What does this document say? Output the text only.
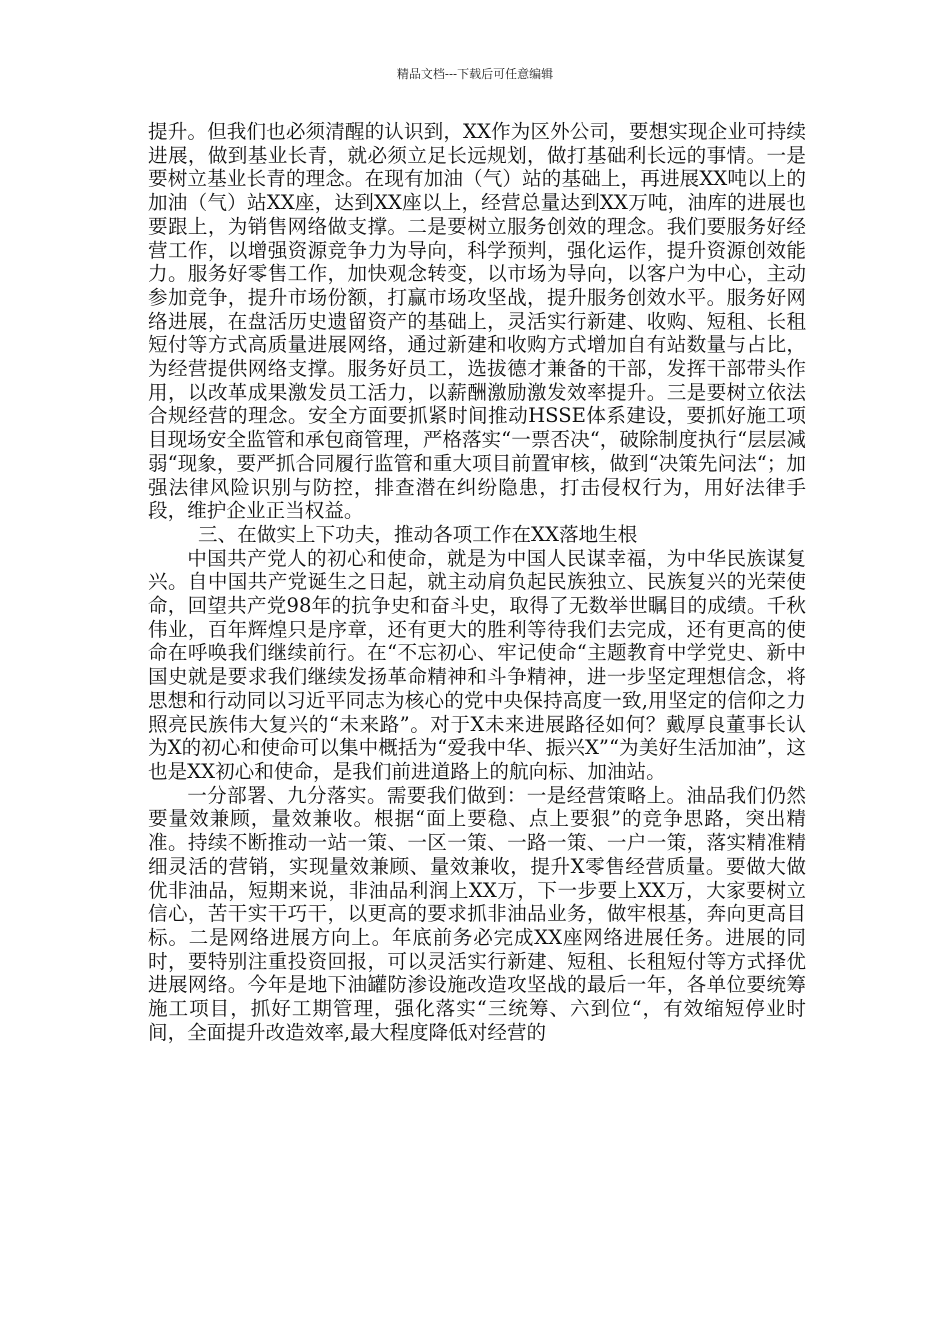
精品文档---下载后可任意编辑

提升。但我们也必须清醒的认识到，XX作为区外公司，要想实现企业可持续进展，做到基业长青，就必须立足长远规划，做打基础利长远的事情。一是要树立基业长青的理念。在现有加油（气）站的基础上，再进展XX吨以上的加油（气）站XX座，达到XX座以上，经营总量达到XX万吨，油库的进展也要跟上，为销售网络做支撑。二是要树立服务创效的理念。我们要服务好经营工作，以增强资源竞争力为导向，科学预判，强化运作，提升资源创效能力。服务好零售工作，加快观念转变，以市场为导向，以客户为中心，主动参加竞争，提升市场份额，打赢市场攻坚战，提升服务创效水平。服务好网络进展，在盘活历史遗留资产的基础上，灵活实行新建、收购、短租、长租短付等方式高质量进展网络，通过新建和收购方式增加自有站数量与占比，为经营提供网络支撑。服务好员工，选拔德才兼备的干部，发挥干部带头作用，以改革成果激发员工活力，以薪酬激励激发效率提升。三是要树立依法合规经营的理念。安全方面要抓紧时间推动HSSE体系建设，要抓好施工项目现场安全监管和承包商管理，严格落实“一票否决“，破除制度执行“层层减弱“现象，要严抓合同履行监管和重大项目前置审核，做到“决策先问法“；加强法律风险识别与防控，排查潜在纠纷隐患，打击侵权行为，用好法律手段，维护企业正当权益。

三、在做实上下功夫，推动各项工作在XX落地生根

中国共产党人的初心和使命，就是为中国人民谋幸福，为中华民族谋复兴。自中国共产党诞生之日起，就主动肩负起民族独立、民族复兴的光荣使命，回望共产党98年的抗争史和奋斗史，取得了无数举世瞩目的成绩。千秋伟业，百年辉煌只是序章，还有更大的胜利等待我们去完成，还有更高的使命在呼唤我们继续前行。在“不忘初心、牢记使命“主题教育中学党史、新中国史就是要求我们继续发扬革命精神和斗争精神，进一步坚定理想信念，将思想和行动同以习近平同志为核心的党中央保持高度一致,用坚定的信仰之力照亮民族伟大复兴的“未来路”。对于X未来进展路径如何？戴厚良董事长认为X的初心和使命可以集中概括为“爱我中华、振兴X”“为美好生活加油”，这也是XX初心和使命，是我们前进道路上的航向标、加油站。

一分部署、九分落实。需要我们做到：一是经营策略上。油品我们仍然要量效兼顾，量效兼收。根据“面上要稳、点上要狠”的竞争思路，突出精准。持续不断推动一站一策、一区一策、一路一策、一户一策，落实精准精细灵活的营销，实现量效兼顾、量效兼收，提升X零售经营质量。要做大做优非油品，短期来说，非油品利润上XX万，下一步要上XX万，大家要树立信心，苦干实干巧干，以更高的要求抓非油品业务，做牢根基，奔向更高目标。二是网络进展方向上。年底前务必完成XX座网络进展任务。进展的同时，要特别注重投资回报，可以灵活实行新建、短租、长租短付等方式择优进展网络。今年是地下油罐防渗设施改造攻坚战的最后一年，各单位要统筹施工项目，抓好工期管理，强化落实“三统筹、六到位“，有效缩短停业时间，全面提升改造效率,最大程度降低对经营的
